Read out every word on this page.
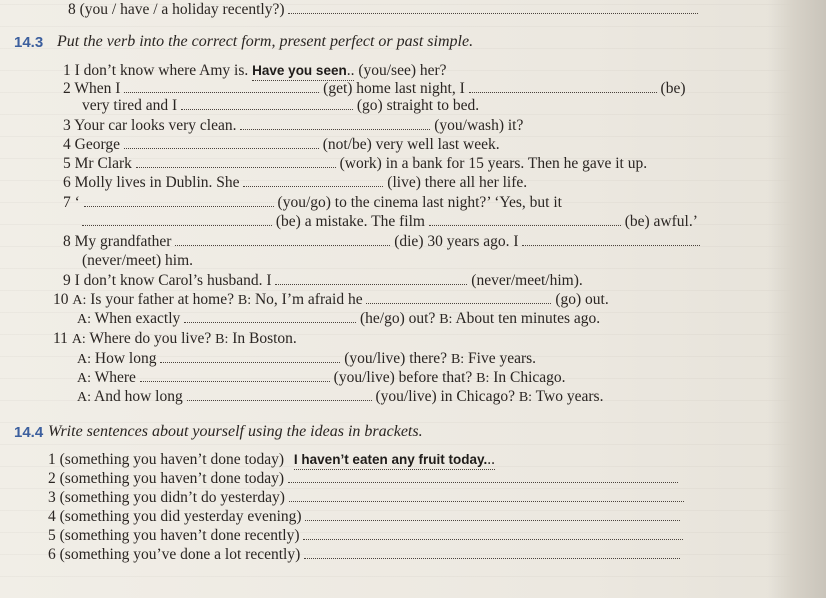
8 (you / have / a holiday recently?)
14.3 Put the verb into the correct form, present perfect or past simple.
1 I don’t know where Amy is. Have you seen.. (you/see) her?
2 When I	(get) home last night, I	(be)
very tired and I	(go) straight to bed.
3 Your car looks very clean.	(you/wash) it?
4 George	(not/be) very well last week.
5 Mr Clark	(work) in a bank for 15 years. Then he gave it up.
6 Molly lives in Dublin. She	(live) there all her life.
7 ‘	(you/go) to the cinema last night?’ ‘Yes, but it
(be) a mistake. The film	(be) awful.’
8 My grandfather	(die) 30 years ago. I
(never/meet) him.
9 I don’t know Carol’s husband. I	(never/meet/him).
10 A: Is your father at home? B: No, I’m afraid he	(go) out.
A: When exactly	(he/go) out? B: About ten minutes ago.
11 A: Where do you live? B: In Boston.
A: How long	(you/live) there? B: Five years.
A: Where	(you/live) before that? B: In Chicago.
A: And how long	(you/live) in Chicago? B: Two years.
14.4 Write sentences about yourself using the ideas in brackets.
1 (something you haven’t done today) I haven’t eaten any fruit today...
2 (something you haven’t done today)
3 (something you didn’t do yesterday)
4 (something you did yesterday evening)
5 (something you haven’t done recently)
6 (something you’ve done a lot recently)
